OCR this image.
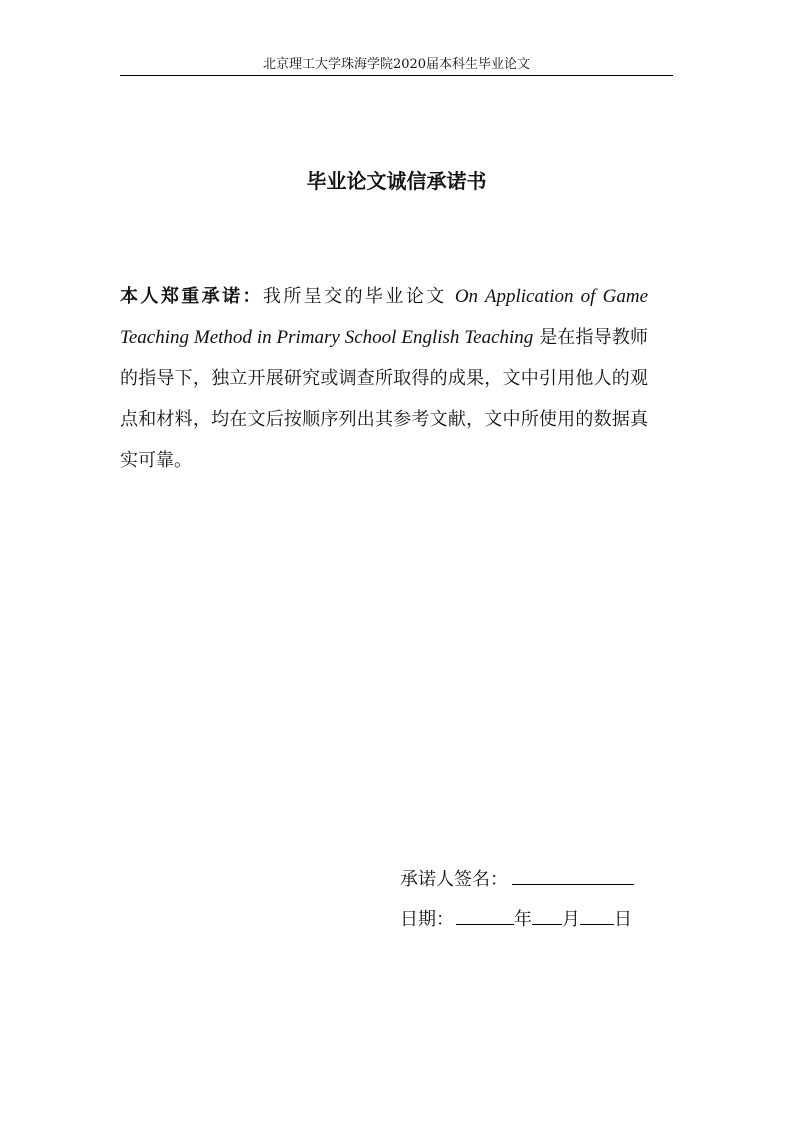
北京理工大学珠海学院2020届本科生毕业论文
毕业论文诚信承诺书
本人郑重承诺：我所呈交的毕业论文 On Application of Game Teaching Method in Primary School English Teaching 是在指导教师的指导下，独立开展研究或调查所取得的成果，文中引用他人的观点和材料，均在文后按顺序列出其参考文献，文中所使用的数据真实可靠。
承诺人签名：
日期：	年 月 日
